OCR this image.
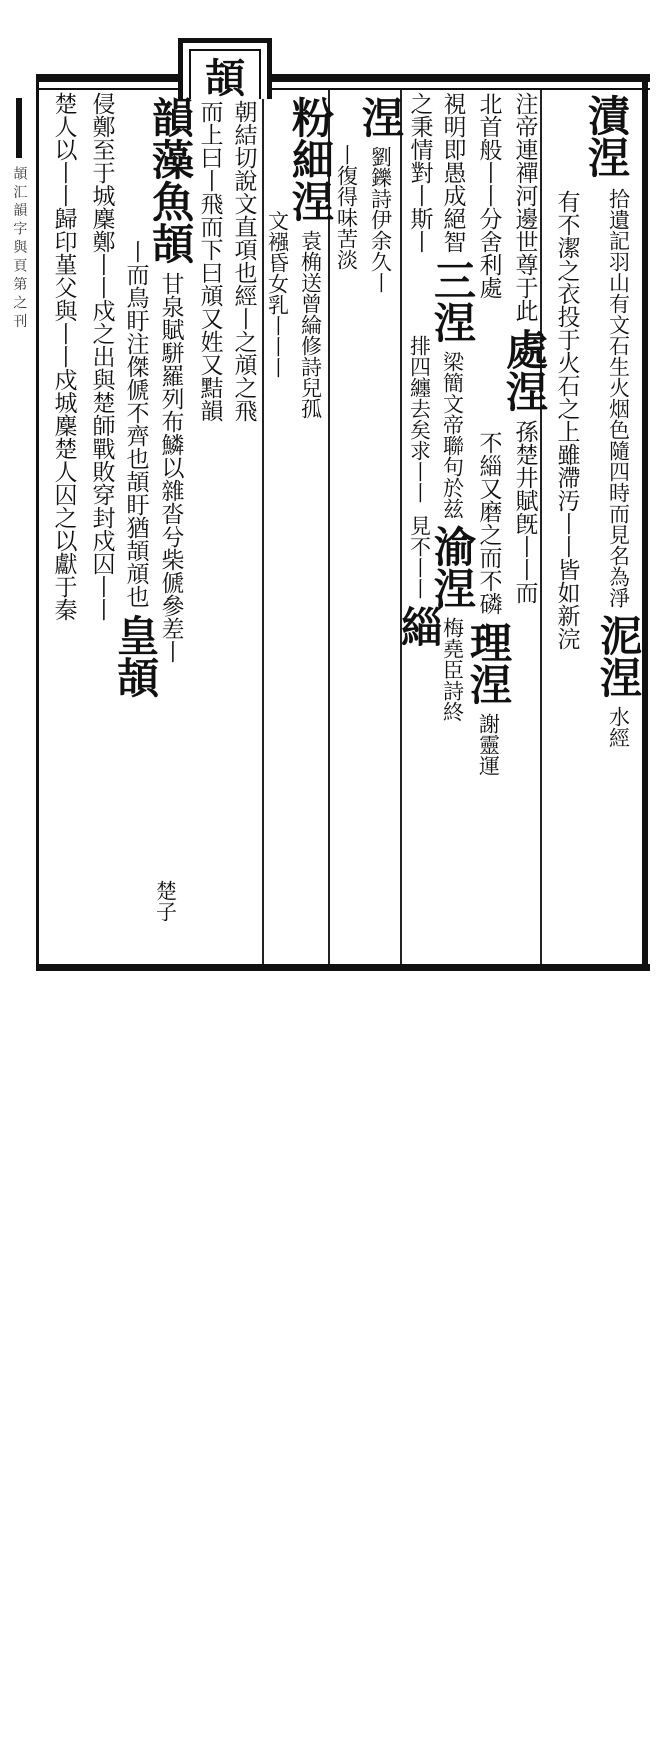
頡
漬涅
拾遺記羽山有文石生火烟色隨四時而見名為淨
泥涅
水經
有不潔之衣投于火石之上雖滯汚丨丨皆如新浣
注帝連禪河邊世尊于此
處涅
孫楚井賦旣丨丨而
北首般丨丨分舍利處
不緇又磨之而不磷
理涅
謝靈運
視明即愚成絕智
三涅
梁簡文帝聯句於兹
渝涅
梅堯臣詩終
之秉情對丨斯丨
排四纏去矣求丨丨
見不丨丨
緇
涅
劉鑠詩伊余久丨
丨復得味苦淡
粉細涅
袁桷送曾綸修詩兒孤
文襁昏女乳丨丨丨
朝結切說文直項也經丨之頏之飛
而上曰丨飛而下曰頏又姓又黠韻
韻藻魚頡
甘泉賦駢羅列布鱗以雜沓兮柴傂參差丨
丨而鳥盱注傑傂不齊也頡盱猶頡頏也
皇頡
楚子
侵鄭至于城麇鄭丨丨戍之出與楚師戰敗穿封戍囚丨丨
楚人以丨丨歸印堇父與丨丨戍城麇楚人囚之以獻于秦
頡 汇 韻 字 與 頁 第 之 刊
